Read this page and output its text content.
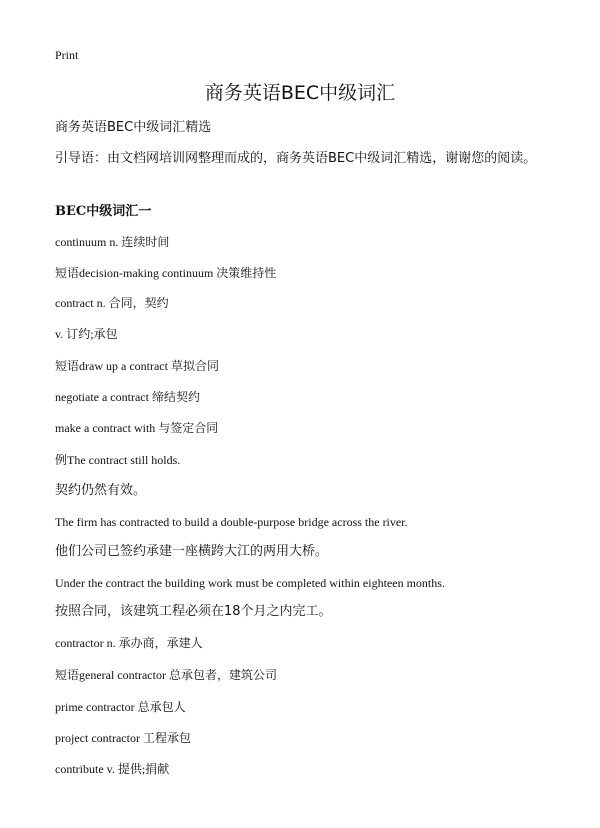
Print
商务英语BEC中级词汇

商务英语BEC中级词汇精选

引导语：由文档网培训网整理而成的，商务英语BEC中级词汇精选，谢谢您的阅读。

BEC中级词汇一

continuum n. 连续时间

短语decision-making continuum 决策维持性

contract n. 合同，契约

v. 订约;承包

短语draw up a contract 草拟合同

negotiate a contract 缔结契约

make a contract with 与签定合同

例The contract still holds.

契约仍然有效。

The firm has contracted to build a double-purpose bridge across the river.

他们公司已签约承建一座横跨大江的两用大桥。

Under the contract the building work must be completed within eighteen months.

按照合同，该建筑工程必须在18个月之内完工。

contractor n. 承办商，承建人

短语general contractor 总承包者，建筑公司

prime contractor 总承包人

project contractor 工程承包

contribute v. 提供;捐献
